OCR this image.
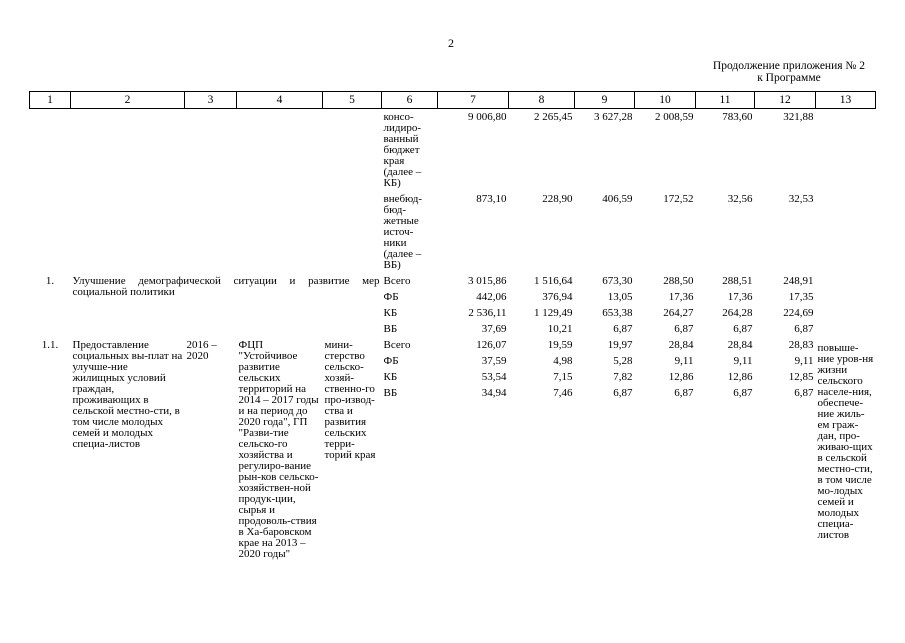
2
Продолжение приложения № 2
к Программе
1	2	3	4	5	6	7	8	9	10	11	12	13
					консо-лидиро-ванный бюджет края (далее – КБ)	9 006,80	2 265,45	3 627,28	2 008,59	783,60	321,88	
					внебюд-бюд-жетные источ-ники (далее – ВБ)	873,10	228,90	406,59	172,52	32,56	32,53	
1.	Улучшение демографической ситуации и развитие мер социальной политики				Всего	3 015,86	1 516,64	673,30	288,50	288,51	248,91	
					ФБ	442,06	376,94	13,05	17,36	17,36	17,35	
					КБ	2 536,11	1 129,49	653,38	264,27	264,28	224,69	
					ВБ	37,69	10,21	6,87	6,87	6,87	6,87	
1.1.	Предоставление социальных вы-плат на улучше-ние жилищных условий граждан, проживающих в сельской местно-сти, в том числе молодых семей и молодых специа-листов	2016 – 2020	ФЦП "Устойчивое развитие сельских территорий на 2014 – 2017 годы и на период до 2020 года", ГП "Разви-тие сельско-го хозяйства и регулиро-вание рын-ков сельско-хозяйствен-ной продук-ции, сырья и продоволь-ствия в Ха-баровском крае на 2013 – 2020 годы"	мини-стерство сельско-хозяй-ственно-го про-извод-ства и развития сельских терри-торий края	Всего	126,07	19,59	19,97	28,84	28,84	28,83	повыше-ние уров-ня жизни сельского населе-ния, обеспече-ние жиль-ем граж-дан, про-живаю-щих в сельской местно-сти, в том числе мо-лодых семей и молодых специа-листов
					ФБ	37,59	4,98	5,28	9,11	9,11	9,11	
					КБ	53,54	7,15	7,82	12,86	12,86	12,85	
					ВБ	34,94	7,46	6,87	6,87	6,87	6,87	
